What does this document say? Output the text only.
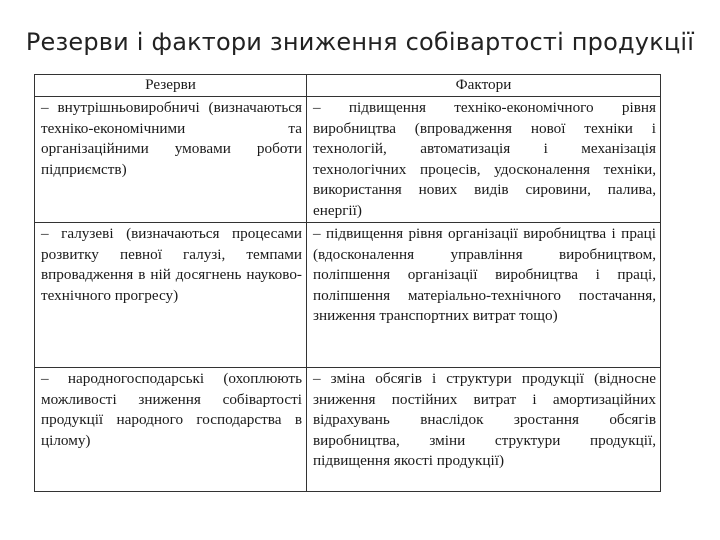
Резерви і фактори зниження собівартості продукції
Резерви	Фактори
– внутрішньовиробничі (визначаються техніко-економічними та організаційними умовами роботи підприємств)	– підвищення техніко-економічного рівня виробництва (впровадження нової техніки і технологій, автоматизація і механізація технологічних процесів, удосконалення техніки, використання нових видів сировини, палива, енергії)
– галузеві (визначаються процесами розвитку певної галузі, темпами впровадження в ній досягнень науково-технічного прогресу)	– підвищення рівня організації виробництва і праці (вдосконалення управління виробництвом, поліпшення організації виробництва і праці, поліпшення матеріально-технічного постачання, зниження транспортних витрат тощо)
– народногосподарські (охоплюють можливості зниження собівартості продукції народного господарства в цілому)	– зміна обсягів і структури продукції (відносне зниження постійних витрат і амортизаційних відрахувань внаслідок зростання обсягів виробництва, зміни структури продукції, підвищення якості продукції)
